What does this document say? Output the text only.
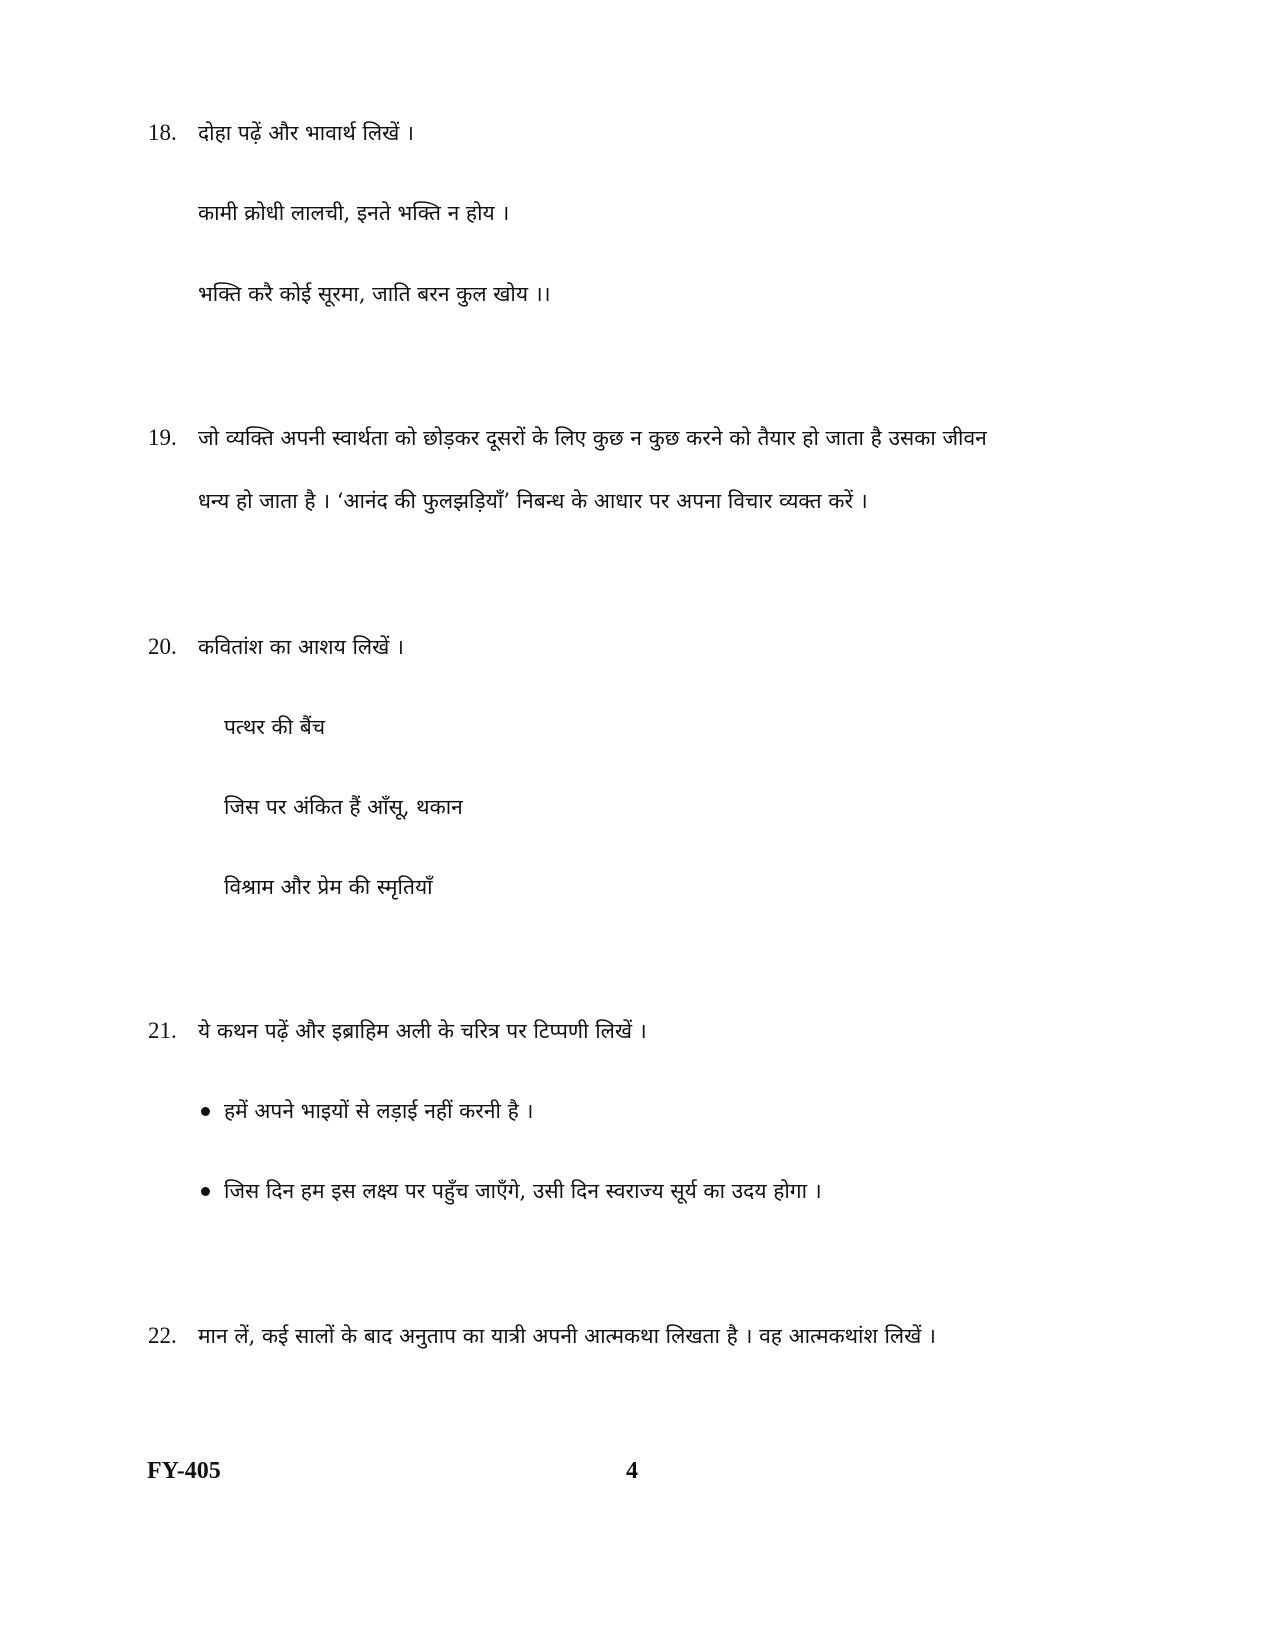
18. दोहा पढ़ें और भावार्थ लिखें ।
कामी क्रोधी लालची, इनते भक्ति न होय ।
भक्ति करै कोई सूरमा, जाति बरन कुल खोय ।।
19. जो व्यक्ति अपनी स्वार्थता को छोड़कर दूसरों के लिए कुछ न कुछ करने को तैयार हो जाता है उसका जीवन
धन्य हो जाता है । ‘आनंद की फुलझड़ियाँ’ निबन्ध के आधार पर अपना विचार व्यक्त करें ।
20. कवितांश का आशय लिखें ।
पत्थर की बैंच
जिस पर अंकित हैं आँसू, थकान
विश्राम और प्रेम की स्मृतियाँ
21. ये कथन पढ़ें और इब्राहिम अली के चरित्र पर टिप्पणी लिखें ।
हमें अपने भाइयों से लड़ाई नहीं करनी है ।
जिस दिन हम इस लक्ष्य पर पहुँच जाएँगे, उसी दिन स्वराज्य सूर्य का उदय होगा ।
22. मान लें, कई सालों के बाद अनुताप का यात्री अपनी आत्मकथा लिखता है । वह आत्मकथांश लिखें ।
FY-405	4
